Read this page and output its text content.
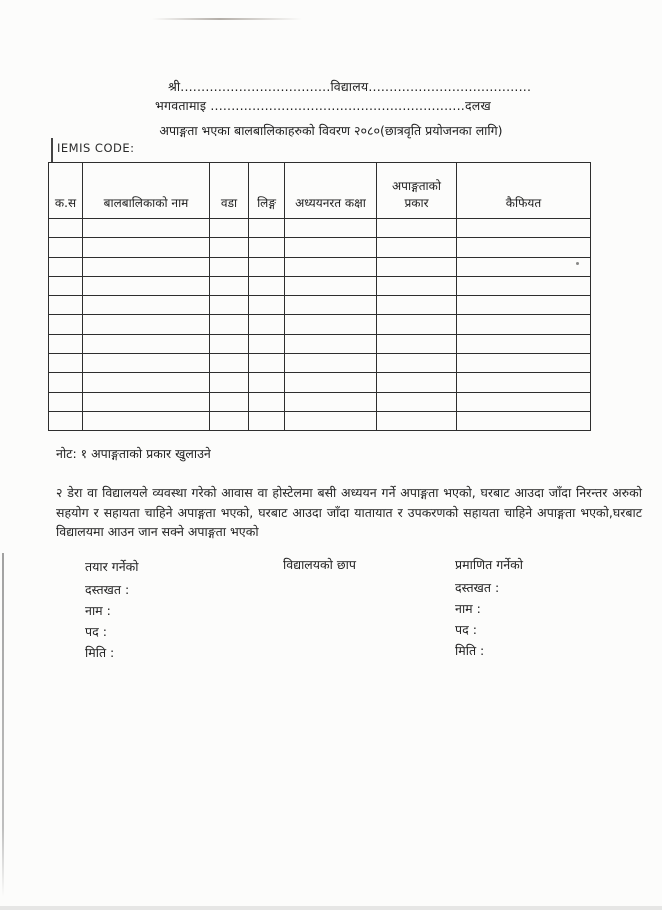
श्री....................................विद्यालय.......................................
भगवतामाइ .............................................................दलख
अपाङ्गता भएका बालबालिकाहरुको विवरण २०८०(छात्रवृति प्रयोजनका लागि)
IEMIS CODE:
क.स	बालबालिकाको नाम	वडा	लिङ्ग	अध्ययनरत कक्षा	अपाङ्गताको प्रकार	कैफियत

नोट: १ अपाङ्गताको प्रकार खुलाउने
२ डेरा वा विद्यालयले व्यवस्था गरेको आवास वा होस्टेलमा बसी अध्ययन गर्ने अपाङ्गता भएको, घरबाट आउदा जाँदा निरन्तर अरुको सहयोग र सहायता चाहिने अपाङ्गता भएको, घरबाट आउदा जाँदा यातायात र उपकरणको सहायता चाहिने अपाङ्गता भएको,घरबाट विद्यालयमा आउन जान सक्ने अपाङ्गता भएको
तयार गर्नेको
दस्तखत :
नाम :
पद :
मिति :
विद्यालयको छाप	प्रमाणित गर्नेको
दस्तखत :
नाम :
पद :
मिति :
